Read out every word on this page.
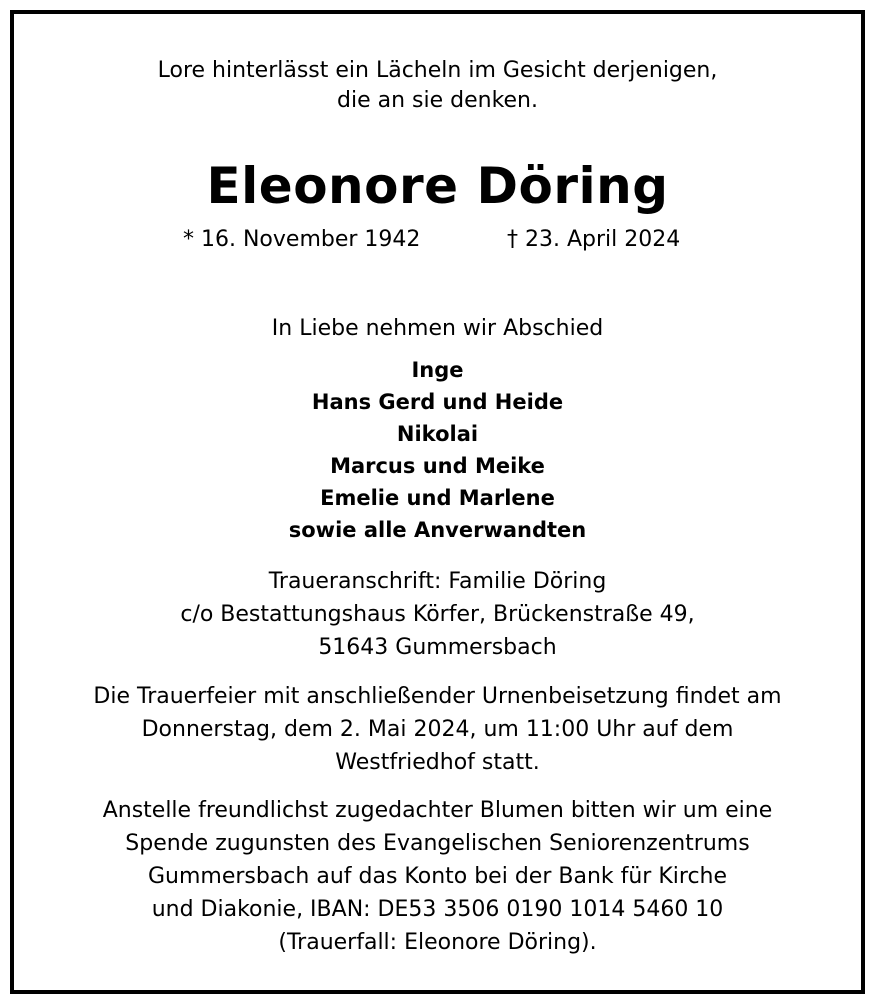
Lore hinterlässt ein Lächeln im Gesicht derjenigen,
die an sie denken.
Eleonore Döring
* 16. November 1942	† 23. April 2024
In Liebe nehmen wir Abschied
Inge
Hans Gerd und Heide
Nikolai
Marcus und Meike
Emelie und Marlene
sowie alle Anverwandten
Traueranschrift: Familie Döring
c/o Bestattungshaus Körfer, Brückenstraße 49,
51643 Gummersbach
Die Trauerfeier mit anschließender Urnenbeisetzung findet am
Donnerstag, dem 2. Mai 2024, um 11:00 Uhr auf dem
Westfriedhof statt.
Anstelle freundlichst zugedachter Blumen bitten wir um eine
Spende zugunsten des Evangelischen Seniorenzentrums
Gummersbach auf das Konto bei der Bank für Kirche
und Diakonie, IBAN: DE53 3506 0190 1014 5460 10
(Trauerfall: Eleonore Döring).
